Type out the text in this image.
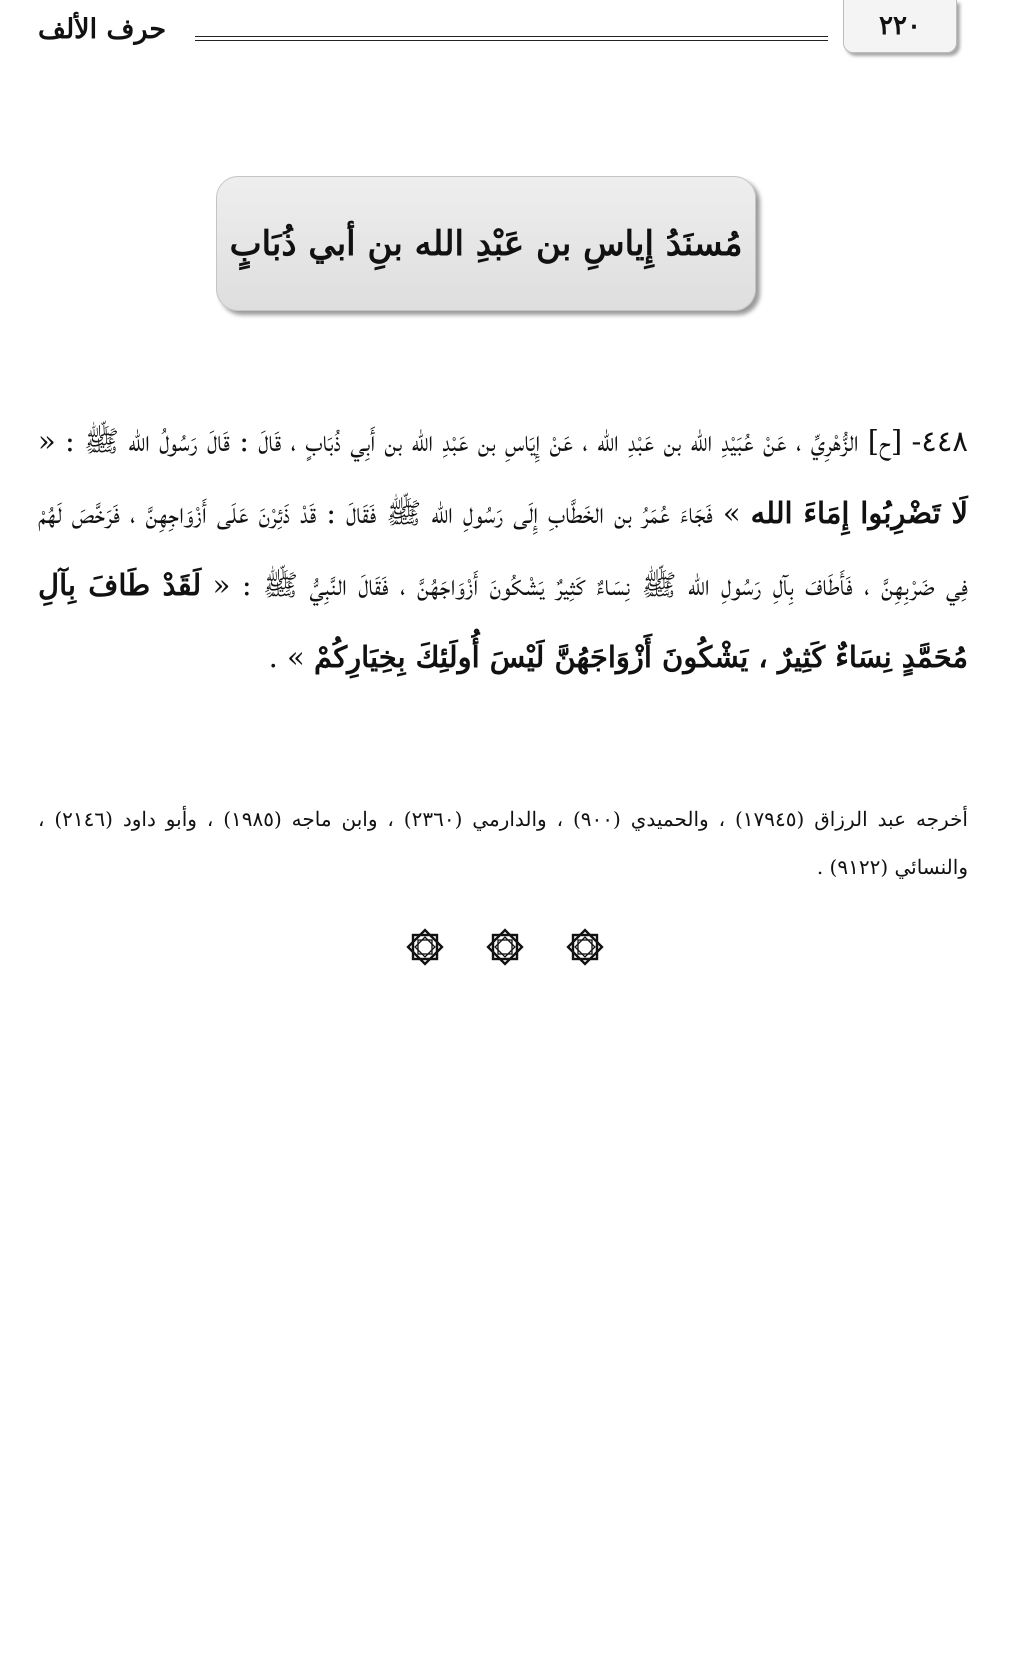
٢٢٠
حرف الألف
مُسنَدُ إِياسِ بن عَبْدِ الله بنِ أبي ذُبَابٍ
٤٤٨- [ح] الزُّهْرِيِّ ، عَنْ عُبَيْدِ الله بن عَبْدِ الله ، عَنْ إِيَاسِ بن عَبْدِ الله بن أَبِي ذُبَابٍ ، قَالَ : قَالَ رَسُولُ الله ﷺ : « لَا تَضْرِبُوا إِمَاءَ الله » فَجَاءَ عُمَرُ بن الخَطَّابِ إِلَى رَسُولِ الله ﷺ فَقَالَ : قَدْ ذَئِرْنَ عَلَى أَزْوَاجِهِنَّ ، فَرَخَّصَ لَهُمْ فِي ضَرْبِهِنَّ ، فَأَطَافَ بِآلِ رَسُولِ الله ﷺ نِسَاءٌ كَثِيرٌ يَشْكُونَ أَزْوَاجَهُنَّ ، فَقَالَ النَّبِيُّ ﷺ : « لَقَدْ طَافَ بِآلِ مُحَمَّدٍ نِسَاءٌ كَثِيرٌ ، يَشْكُونَ أَزْوَاجَهُنَّ لَيْسَ أُولَئِكَ بِخِيَارِكُمْ » .
أخرجه عبد الرزاق (١٧٩٤٥) ، والحميدي (٩٠٠) ، والدارمي (٢٣٦٠) ، وابن ماجه (١٩٨٥) ، وأبو داود (٢١٤٦) ، والنسائي (٩١٢٢) .
